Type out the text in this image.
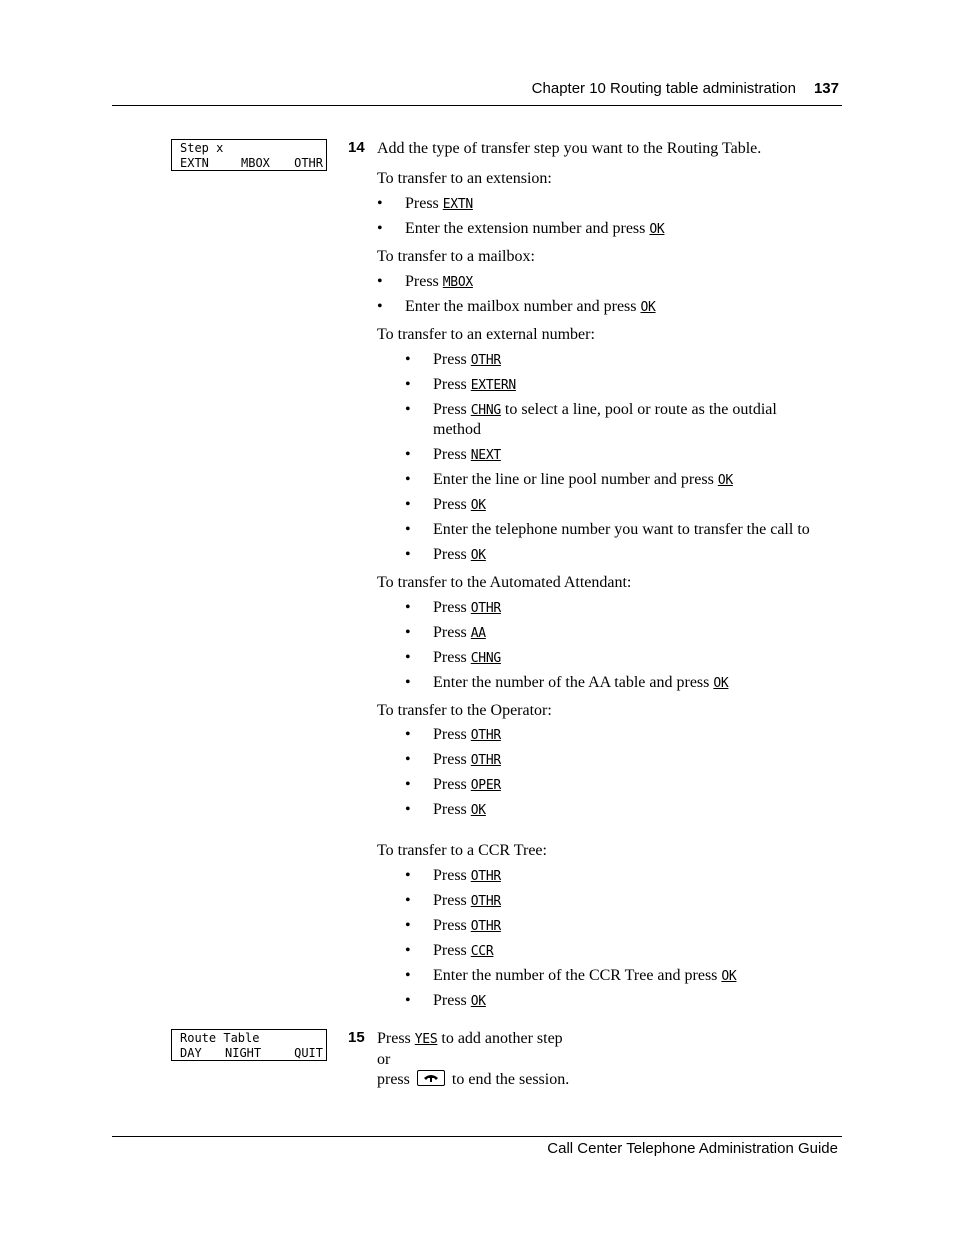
Chapter 10 Routing table administration 137
Step x
EXTN	MBOX OTHR
Route Table
DAY NIGHT	QUIT
14 Add the type of transfer step you want to the Routing Table.
To transfer to an extension:
• Press EXTN
• Enter the extension number and press OK
To transfer to a mailbox:
• Press MBOX
• Enter the mailbox number and press OK
To transfer to an external number:
• Press OTHR
• Press EXTERN
• Press CHNG to select a line, pool or route as the outdial
method
• Press NEXT
• Enter the line or line pool number and press OK
• Press OK
• Enter the telephone number you want to transfer the call to
• Press OK
To transfer to the Automated Attendant:
• Press OTHR
• Press AA
• Press CHNG
• Enter the number of the AA table and press OK
To transfer to the Operator:
• Press OTHR
• Press OTHR
• Press OPER
• Press OK
To transfer to a CCR Tree:
• Press OTHR
• Press OTHR
• Press OTHR
• Press CCR
• Enter the number of the CCR Tree and press OK
• Press OK
15 Press YES to add another step
or
press
to end the session.
Call Center Telephone Administration Guide
